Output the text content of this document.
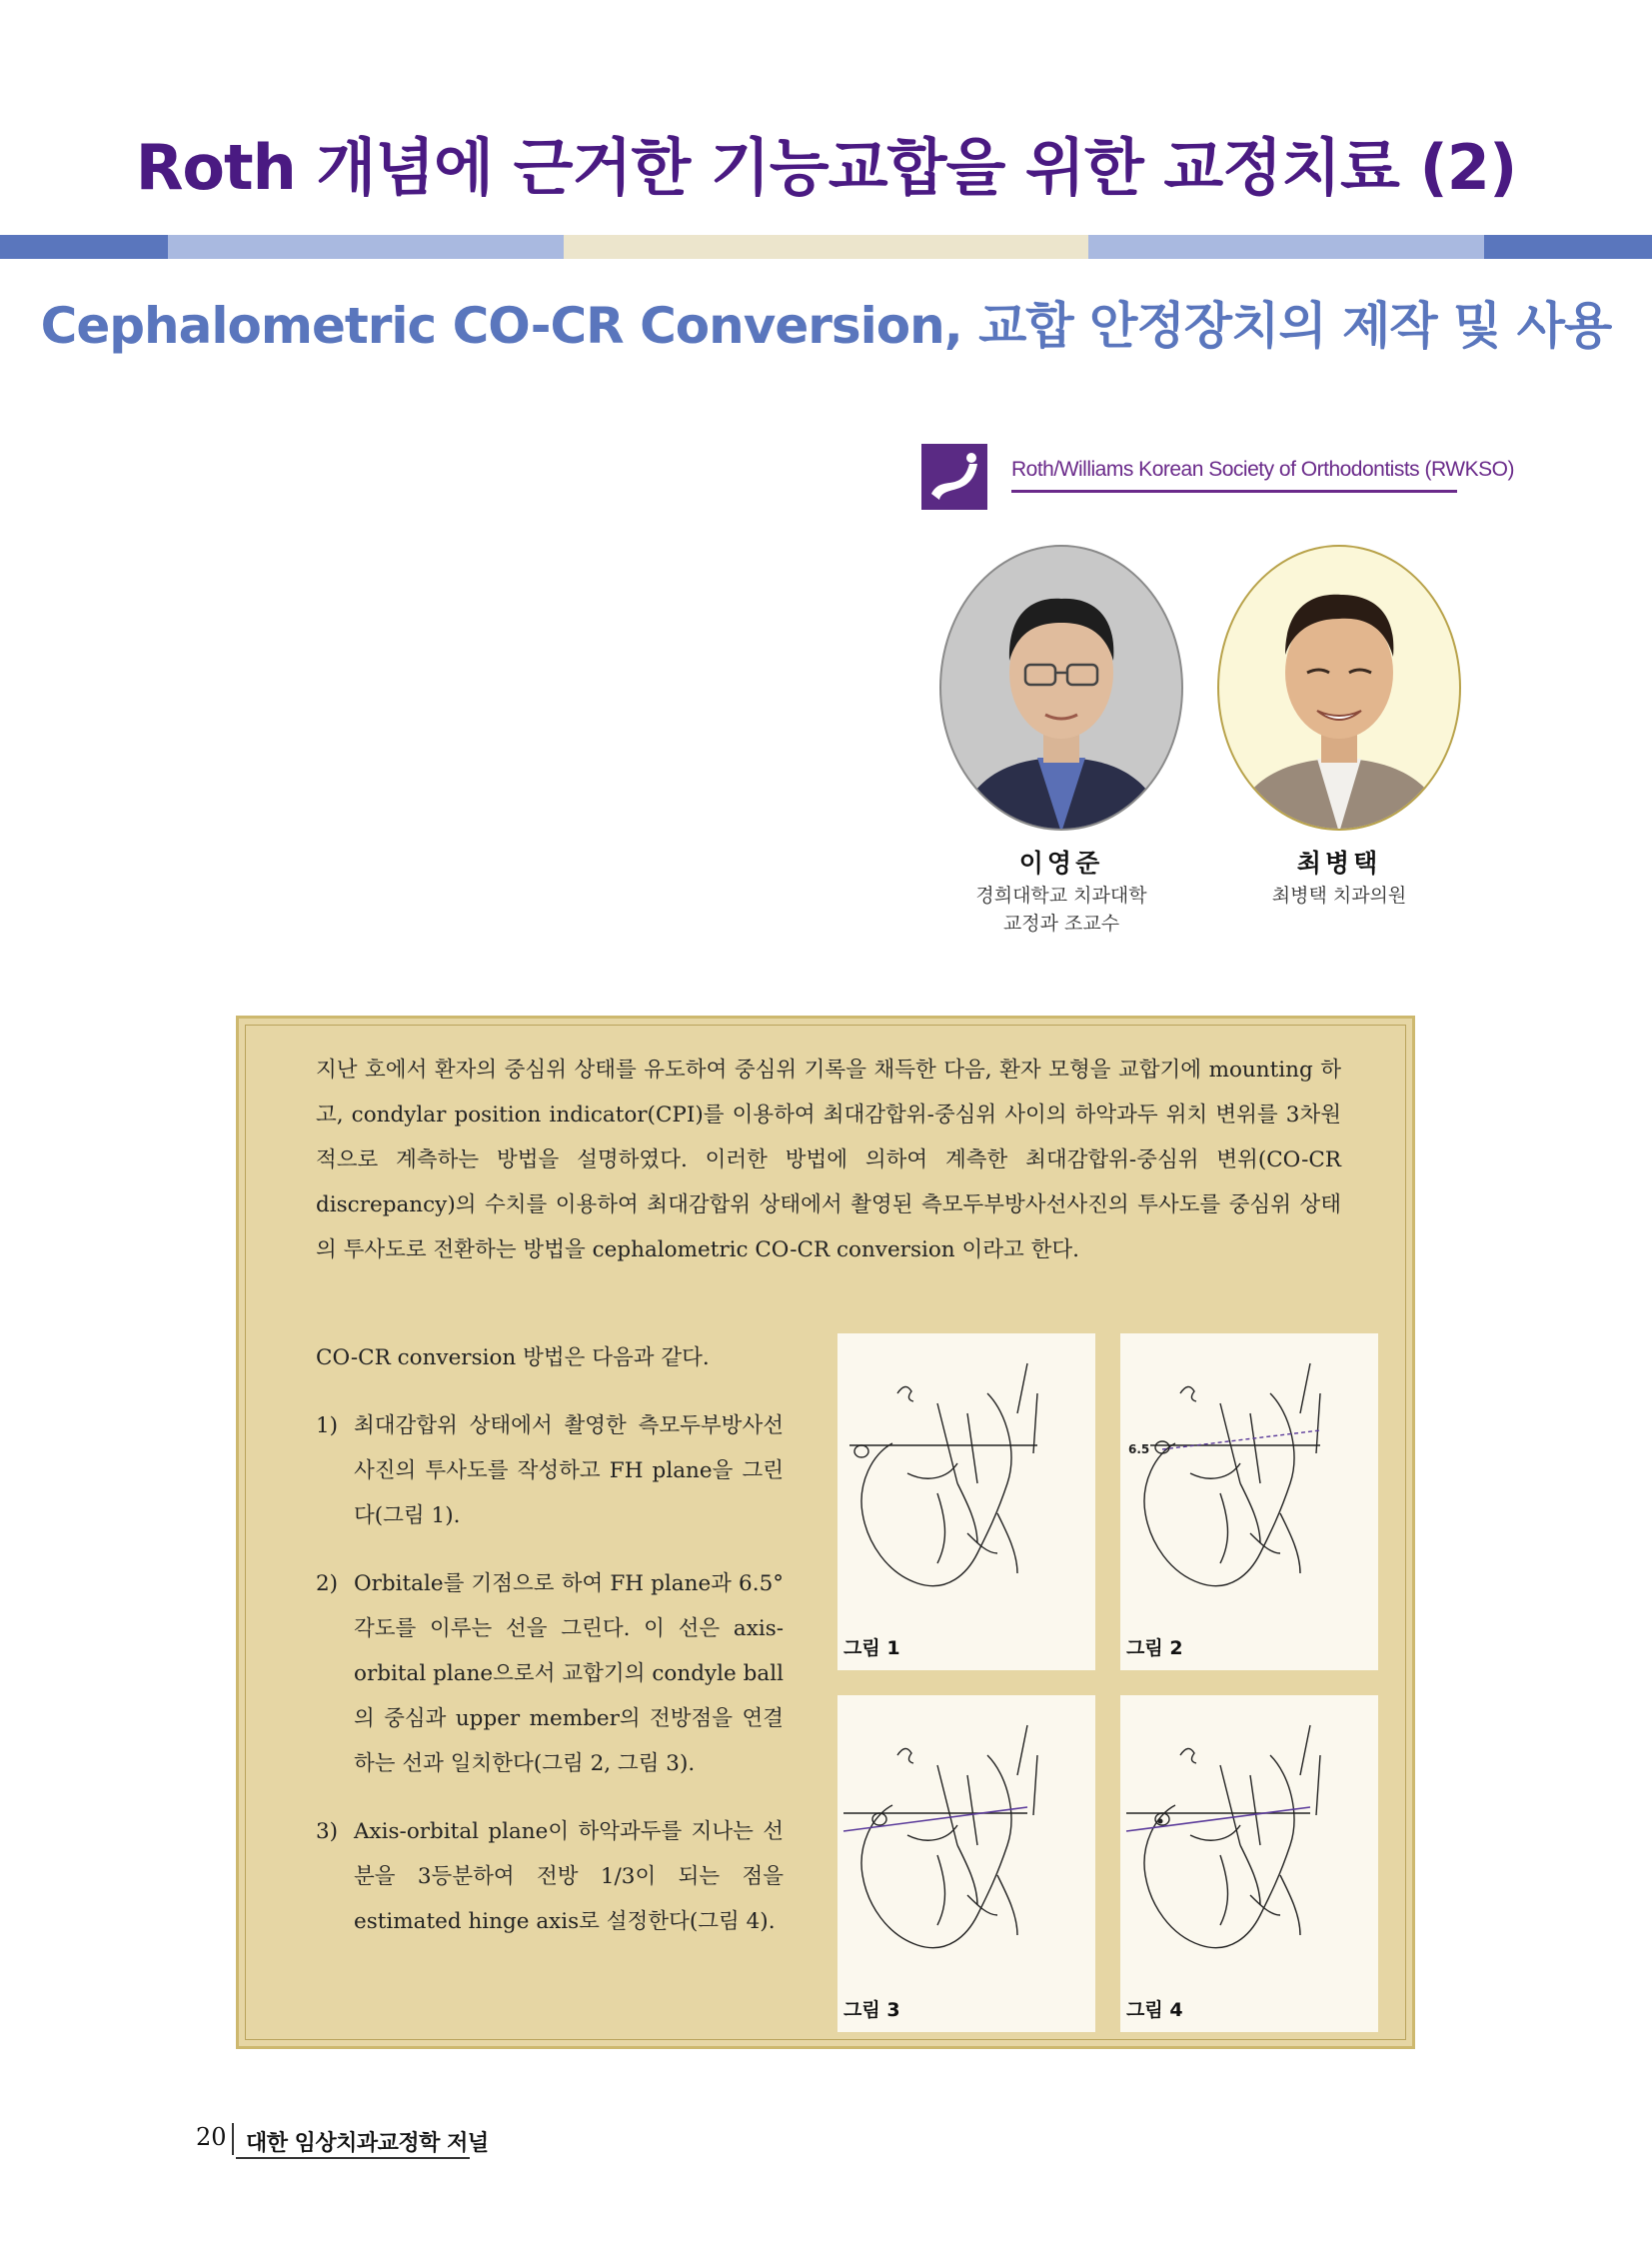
Roth 개념에 근거한 기능교합을 위한 교정치료 (2)
Cephalometric CO-CR Conversion, 교합 안정장치의 제작 및 사용
Roth/Williams Korean Society of Orthodontists (RWKSO)
이영준
경희대학교 치과대학
교정과 조교수
최병택
최병택 치과의원
지난 호에서 환자의 중심위 상태를 유도하여 중심위 기록을 채득한 다음, 환자 모형을 교합기에 mounting 하고, condylar position indicator(CPI)를 이용하여 최대감합위-중심위 사이의 하악과두 위치 변위를 3차원적으로 계측하는 방법을 설명하였다. 이러한 방법에 의하여 계측한 최대감합위-중심위 변위(CO-CR discrepancy)의 수치를 이용하여 최대감합위 상태에서 촬영된 측모두부방사선사진의 투사도를 중심위 상태의 투사도로 전환하는 방법을 cephalometric CO-CR conversion 이라고 한다.

CO-CR conversion 방법은 다음과 같다.

1) 최대감합위 상태에서 촬영한 측모두부방사선사진의 투사도를 작성하고 FH plane을 그린다(그림 1).
2) Orbitale를 기점으로 하여 FH plane과 6.5° 각도를 이루는 선을 그린다. 이 선은 axis-orbital plane으로서 교합기의 condyle ball의 중심과 upper member의 전방점을 연결하는 선과 일치한다(그림 2, 그림 3).
3) Axis-orbital plane이 하악과두를 지나는 선분을 3등분하여 전방 1/3이 되는 점을 estimated hinge axis로 설정한다(그림 4).
그림 1
6.5
그림 2
그림 3	그림 4
20 대한 임상치과교정학 저널
